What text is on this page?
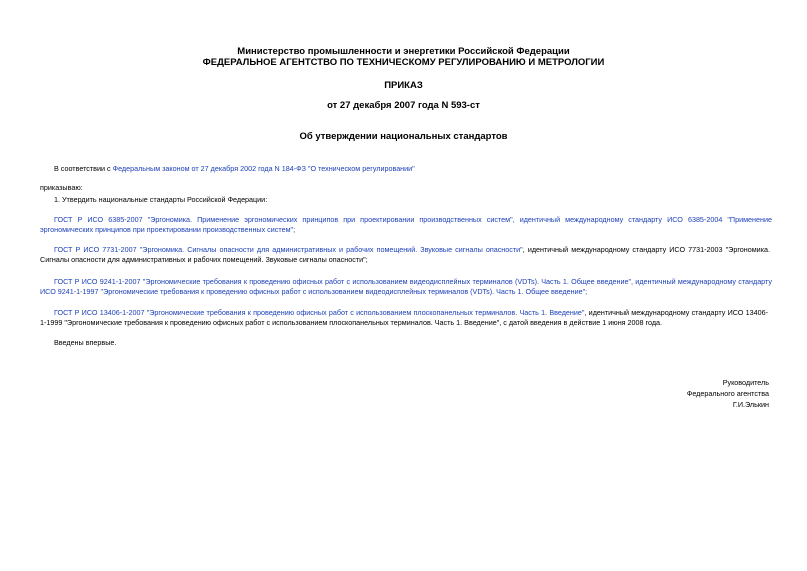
Министерство промышленности и энергетики Российской Федерации
ФЕДЕРАЛЬНОЕ АГЕНТСТВО ПО ТЕХНИЧЕСКОМУ РЕГУЛИРОВАНИЮ И МЕТРОЛОГИИ
ПРИКАЗ
от 27 декабря 2007 года N 593-ст
Об утверждении национальных стандартов
В соответствии с Федеральным законом от 27 декабря 2002 года N 184-ФЗ "О техническом регулировании"
приказываю:
1. Утвердить национальные стандарты Российской Федерации:
ГОСТ Р ИСО 6385-2007 "Эргономика. Применение эргономических принципов при проектировании производственных систем", идентичный международному стандарту ИСО 6385-2004 "Применение
эргономических принципов при проектировании производственных систем";
ГОСТ Р ИСО 7731-2007 "Эргономика. Сигналы опасности для административных и рабочих помещений. Звуковые сигналы опасности", идентичный международному стандарту ИСО 7731-2003 "Эргономика.
Сигналы опасности для административных и рабочих помещений. Звуковые сигналы опасности";
ГОСТ Р ИСО 9241-1-2007 "Эргономические требования к проведению офисных работ с использованием видеодисплейных терминалов (VDTs). Часть 1. Общее введение", идентичный международному стандарту
ИСО 9241-1-1997 "Эргономические требования к проведению офисных работ с использованием видеодисплейных терминалов (VDTs). Часть 1. Общее введение";
ГОСТ Р ИСО 13406-1-2007 "Эргономические требования к проведению офисных работ с использованием плоскопанельных терминалов. Часть 1. Введение", идентичный международному стандарту ИСО 13406-
1-1999 "Эргономические требования к проведению офисных работ с использованием плоскопанельных терминалов. Часть 1. Введение", с датой введения в действие 1 июня 2008 года.
Введены впервые.
Руководитель
Федерального агентства
Г.И.Элькин
